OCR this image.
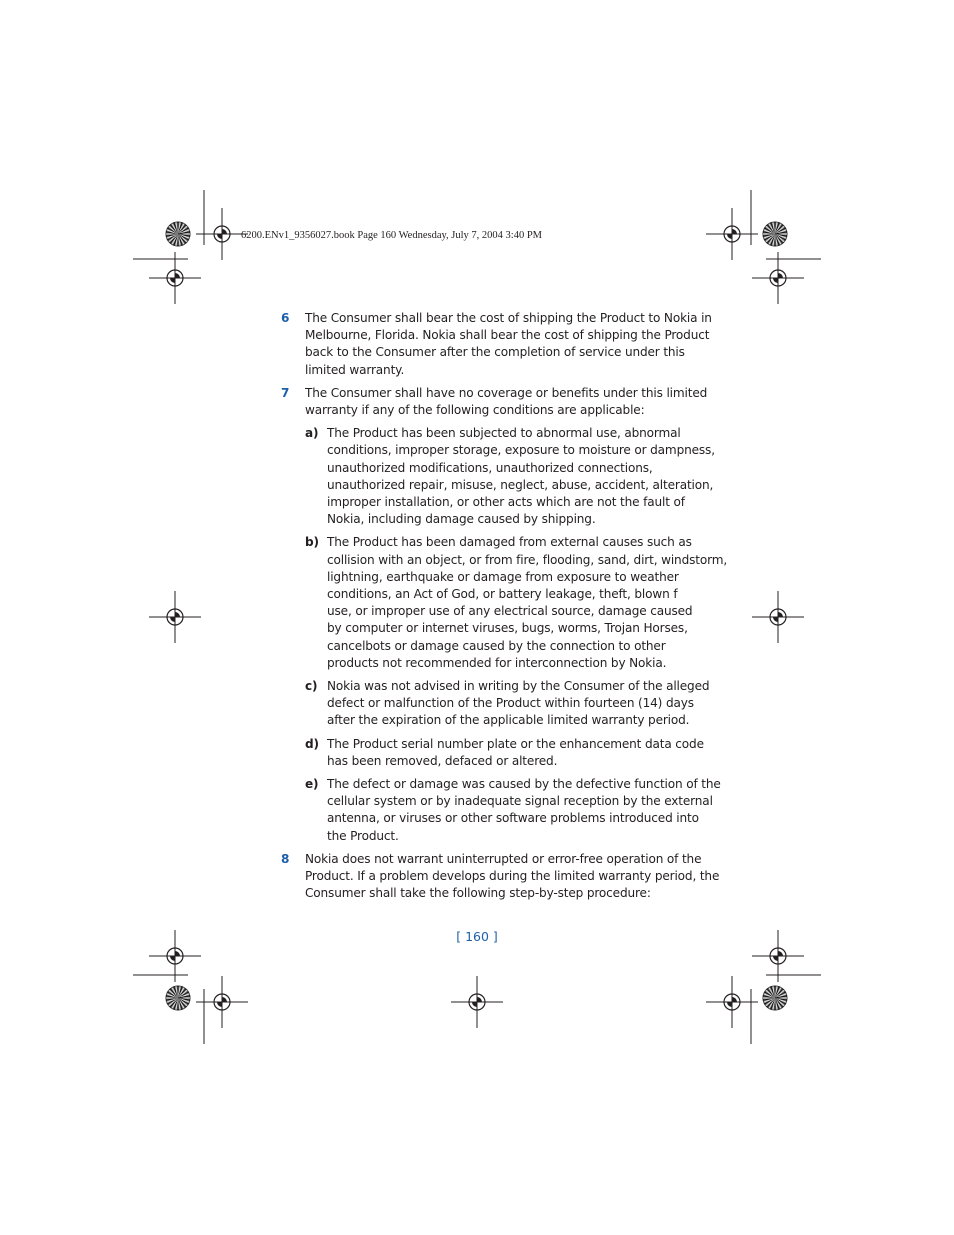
6200.ENv1_9356027.book Page 160 Wednesday, July 7, 2004 3:40 PM
6 The Consumer shall bear the cost of shipping the Product to Nokia in
Melbourne, Florida. Nokia shall bear the cost of shipping the Product
back to the Consumer after the completion of service under this
limited warranty.
7 The Consumer shall have no coverage or benefits under this limited
warranty if any of the following conditions are applicable:
a) The Product has been subjected to abnormal use, abnormal
conditions, improper storage, exposure to moisture or dampness,
unauthorized modifications, unauthorized connections,
unauthorized repair, misuse, neglect, abuse, accident, alteration,
improper installation, or other acts which are not the fault of
Nokia, including damage caused by shipping.
b) The Product has been damaged from external causes such as
collision with an object, or from fire, flooding, sand, dirt, windstorm,
lightning, earthquake or damage from exposure to weather
conditions, an Act of God, or battery leakage, theft, blown f
use, or improper use of any electrical source, damage caused
by computer or internet viruses, bugs, worms, Trojan Horses,
cancelbots or damage caused by the connection to other
products not recommended for interconnection by Nokia.
c) Nokia was not advised in writing by the Consumer of the alleged
defect or malfunction of the Product within fourteen (14) days
after the expiration of the applicable limited warranty period.
d) The Product serial number plate or the enhancement data code
has been removed, defaced or altered.
e) The defect or damage was caused by the defective function of the
cellular system or by inadequate signal reception by the external
antenna, or viruses or other software problems introduced into
the Product.
8 Nokia does not warrant uninterrupted or error-free operation of the
Product. If a problem develops during the limited warranty period, the
Consumer shall take the following step-by-step procedure:
[ 160 ]
